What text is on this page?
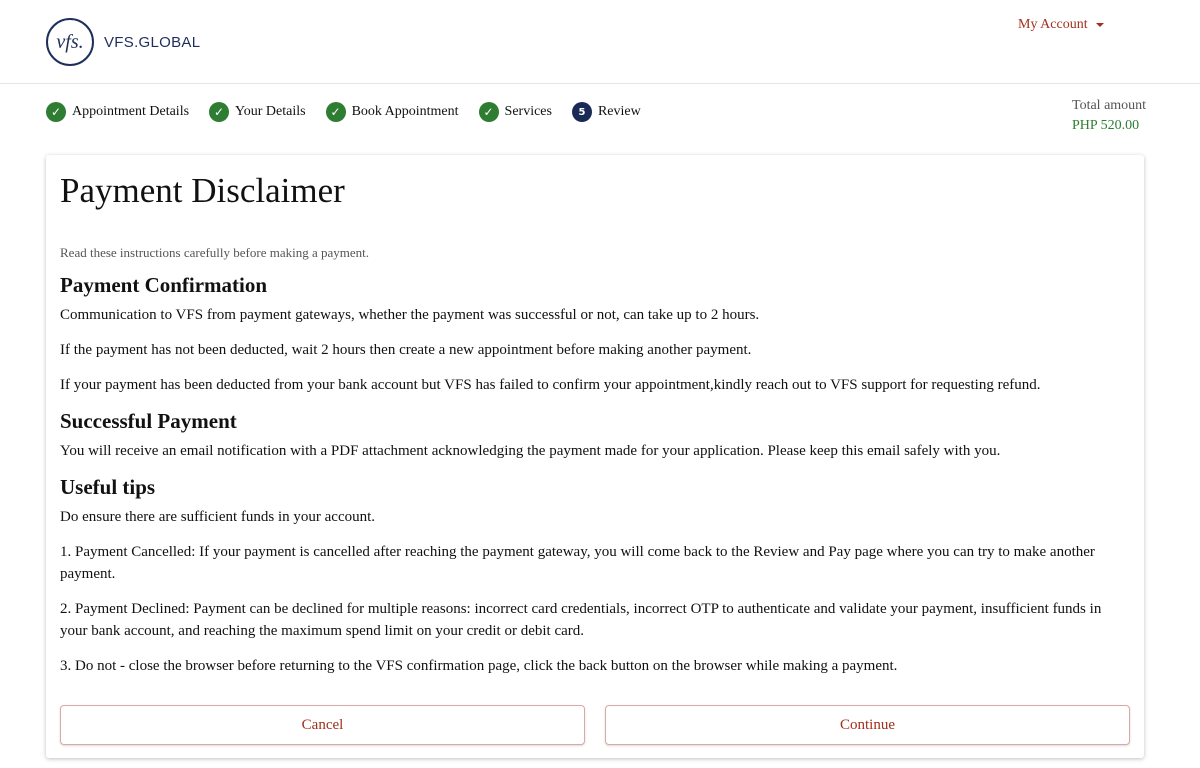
vfs.	VFS.GLOBAL
My Account
✓ Appointment Details	✓ Your Details	✓ Book Appointment	✓ Services	5 Review	Total amount
PHP 520.00
Payment Disclaimer
Read these instructions carefully before making a payment.
Payment Confirmation

Communication to VFS from payment gateways, whether the payment was successful or not, can take up to 2 hours.

If the payment has not been deducted, wait 2 hours then create a new appointment before making another payment.

If your payment has been deducted from your bank account but VFS has failed to confirm your appointment,kindly reach out to VFS support for requesting refund.

Successful Payment

You will receive an email notification with a PDF attachment acknowledging the payment made for your application. Please keep this email safely with you.

Useful tips

Do ensure there are sufficient funds in your account.

1. Payment Cancelled: If your payment is cancelled after reaching the payment gateway, you will come back to the Review and Pay page where you can try to make another payment.

2. Payment Declined: Payment can be declined for multiple reasons: incorrect card credentials, incorrect OTP to authenticate and validate your payment, insufficient funds in your bank account, and reaching the maximum spend limit on your credit or debit card.

3. Do not - close the browser before returning to the VFS confirmation page, click the back button on the browser while making a payment.

Cancel	Continue
